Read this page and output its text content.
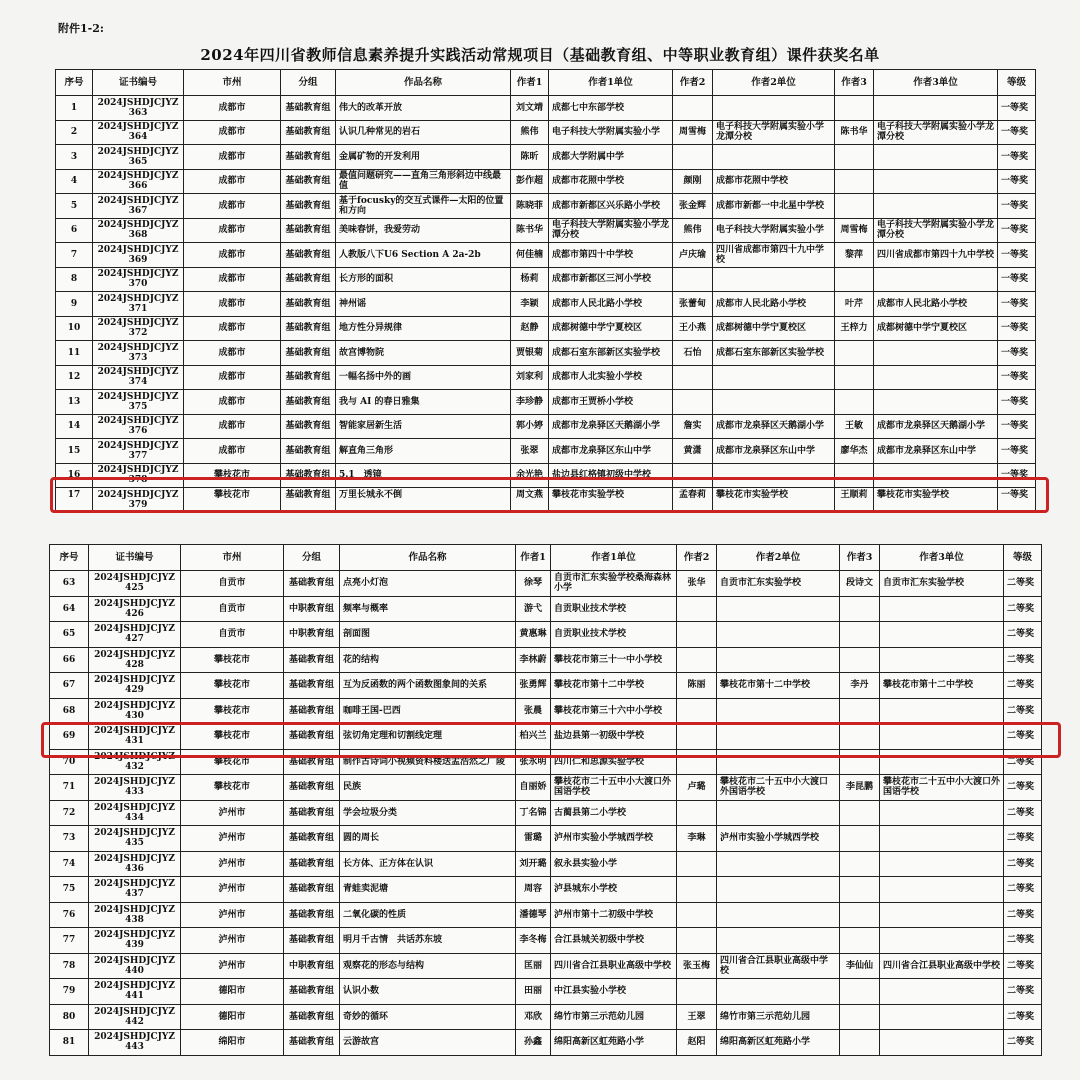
附件1-2:
2024年四川省教师信息素养提升实践活动常规项目（基础教育组、中等职业教育组）课件获奖名单
序号	证书编号	市州	分组	作品名称	作者1	作者1单位	作者2	作者2单位	作者3	作者3单位	等级
1	2024JSHDJCJYZ363	成都市	基础教育组	伟大的改革开放	刘文靖	成都七中东部学校					一等奖
2	2024JSHDJCJYZ364	成都市	基础教育组	认识几种常见的岩石	熊伟	电子科技大学附属实验小学	周雪梅	电子科技大学附属实验小学龙潭分校	陈书华	电子科技大学附属实验小学龙潭分校	一等奖
3	2024JSHDJCJYZ365	成都市	基础教育组	金属矿物的开发利用	陈昕	成都大学附属中学					一等奖
4	2024JSHDJCJYZ366	成都市	基础教育组	最值问题研究——直角三角形斜边中线最值	彭作超	成都市花照中学校	颜刚	成都市花照中学校			一等奖
5	2024JSHDJCJYZ367	成都市	基础教育组	基于focusky的交互式课件—太阳的位置和方向	陈晓菲	成都市新都区兴乐路小学校	张金辉	成都市新都一中北星中学校			一等奖
6	2024JSHDJCJYZ368	成都市	基础教育组	美味春饼，我爱劳动	陈书华	电子科技大学附属实验小学龙潭分校	熊伟	电子科技大学附属实验小学	周雪梅	电子科技大学附属实验小学龙潭分校	一等奖
7	2024JSHDJCJYZ369	成都市	基础教育组	人教版八下U6 Section A 2a-2b	何佳楠	成都市第四十中学校	卢庆瑜	四川省成都市第四十九中学校	黎萍	四川省成都市第四十九中学校	一等奖
8	2024JSHDJCJYZ370	成都市	基础教育组	长方形的面积	杨莉	成都市新都区三河小学校					一等奖
9	2024JSHDJCJYZ371	成都市	基础教育组	神州谣	李颖	成都市人民北路小学校	张蕾甸	成都市人民北路小学校	叶芹	成都市人民北路小学校	一等奖
10	2024JSHDJCJYZ372	成都市	基础教育组	地方性分异规律	赵静	成都树德中学宁夏校区	王小燕	成都树德中学宁夏校区	王梓力	成都树德中学宁夏校区	一等奖
11	2024JSHDJCJYZ373	成都市	基础教育组	故宫博物院	贾银菊	成都石室东部新区实验学校	石怡	成都石室东部新区实验学校			一等奖
12	2024JSHDJCJYZ374	成都市	基础教育组	一幅名扬中外的画	刘家利	成都市人北实验小学校					一等奖
13	2024JSHDJCJYZ375	成都市	基础教育组	我与 AI 的春日雅集	李珍静	成都市王贾桥小学校					一等奖
14	2024JSHDJCJYZ376	成都市	基础教育组	智能家居新生活	郭小婷	成都市龙泉驿区天鹅湖小学	詹实	成都市龙泉驿区天鹅湖小学	王敏	成都市龙泉驿区天鹅湖小学	一等奖
15	2024JSHDJCJYZ377	成都市	基础教育组	解直角三角形	张翠	成都市龙泉驿区东山中学	黄潇	成都市龙泉驿区东山中学	廖华杰	成都市龙泉驿区东山中学	一等奖
16	2024JSHDJCJYZ378	攀枝花市	基础教育组	5.1　透镜	余光艳	盐边县红格镇初级中学校					一等奖
17	2024JSHDJCJYZ379	攀枝花市	基础教育组	万里长城永不倒	周文燕	攀枝花市实验学校	孟春莉	攀枝花市实验学校	王顺莉	攀枝花市实验学校	一等奖
序号	证书编号	市州	分组	作品名称	作者1	作者1单位	作者2	作者2单位	作者3	作者3单位	等级
63	2024JSHDJCJYZ425	自贡市	基础教育组	点亮小灯泡	徐琴	自贡市汇东实验学校桑海森林小学	张华	自贡市汇东实验学校	段诗文	自贡市汇东实验学校	二等奖
64	2024JSHDJCJYZ426	自贡市	中职教育组	频率与概率	游弋	自贡职业技术学校					二等奖
65	2024JSHDJCJYZ427	自贡市	中职教育组	剖面图	黄惠琳	自贡职业技术学校					二等奖
66	2024JSHDJCJYZ428	攀枝花市	基础教育组	花的结构	李林蔚	攀枝花市第三十一中小学校					二等奖
67	2024JSHDJCJYZ429	攀枝花市	基础教育组	互为反函数的两个函数图象间的关系	张勇辉	攀枝花市第十二中学校	陈丽	攀枝花市第十二中学校	李丹	攀枝花市第十二中学校	二等奖
68	2024JSHDJCJYZ430	攀枝花市	基础教育组	咖啡王国-巴西	张晨	攀枝花市第三十六中小学校					二等奖
69	2024JSHDJCJYZ431	攀枝花市	基础教育组	弦切角定理和切割线定理	柏兴兰	盐边县第一初级中学校					二等奖
70	2024JSHDJCJYZ432	攀枝花市	基础教育组	制作古诗词小视频资料楼送孟浩然之广陵	张永明	四川仁和思源实验学校					二等奖
71	2024JSHDJCJYZ433	攀枝花市	基础教育组	民族	自丽娇	攀枝花市二十五中小大渡口外国语学校	卢璐	攀枝花市二十五中小大渡口外国语学校	李昆鹏	攀枝花市二十五中小大渡口外国语学校	二等奖
72	2024JSHDJCJYZ434	泸州市	基础教育组	学会垃圾分类	丁名锦	古蔺县第二小学校					二等奖
73	2024JSHDJCJYZ435	泸州市	基础教育组	圆的周长	雷璐	泸州市实验小学城西学校	李琳	泸州市实验小学城西学校			二等奖
74	2024JSHDJCJYZ436	泸州市	基础教育组	长方体、正方体在认识	刘开璐	叙永县实验小学					二等奖
75	2024JSHDJCJYZ437	泸州市	基础教育组	青蛙卖泥塘	周容	泸县城东小学校					二等奖
76	2024JSHDJCJYZ438	泸州市	基础教育组	二氧化碳的性质	潘德琴	泸州市第十二初级中学校					二等奖
77	2024JSHDJCJYZ439	泸州市	基础教育组	明月千古情　共话苏东坡	李冬梅	合江县城关初级中学校					二等奖
78	2024JSHDJCJYZ440	泸州市	中职教育组	观察花的形态与结构	匡丽	四川省合江县职业高级中学校	张玉梅	四川省合江县职业高级中学校	李仙仙	四川省合江县职业高级中学校	二等奖
79	2024JSHDJCJYZ441	德阳市	基础教育组	认识小数	田丽	中江县实验小学校					二等奖
80	2024JSHDJCJYZ442	德阳市	基础教育组	奇妙的循环	邓欣	绵竹市第三示范幼儿园	王翠	绵竹市第三示范幼儿园			二等奖
81	2024JSHDJCJYZ443	绵阳市	基础教育组	云游故宫	孙鑫	绵阳高新区虹苑路小学	赵阳	绵阳高新区虹苑路小学			二等奖
